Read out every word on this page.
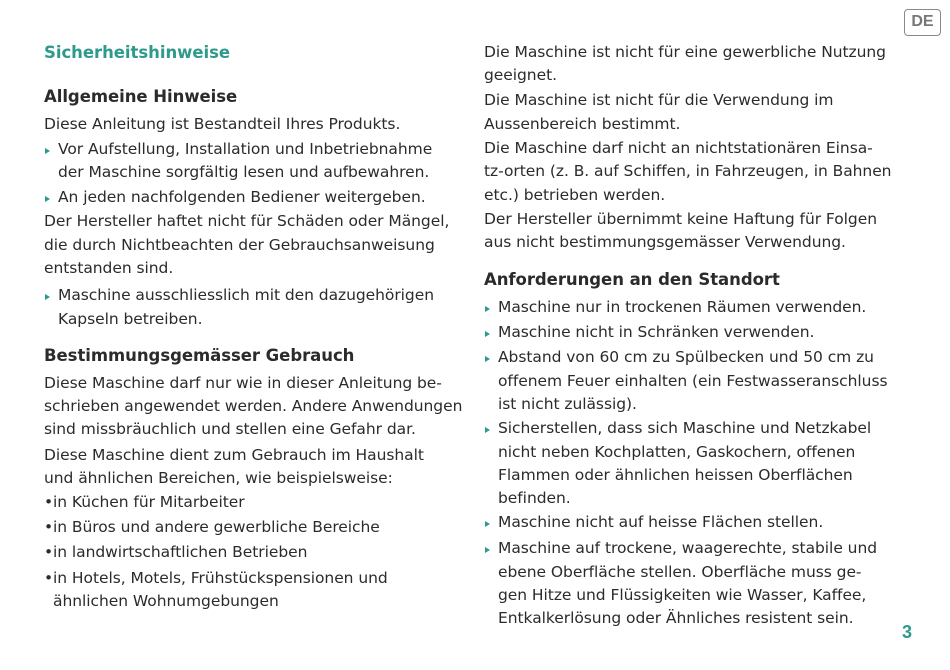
DE
3
Sicherheitshinweise
Allgemeine Hinweise
Diese Anleitung ist Bestandteil Ihres Produkts.
Vor Aufstellung, Installation und Inbetriebnahme
der Maschine sorgfältig lesen und aufbewahren.
An jeden nachfolgenden Bediener weitergeben.
Der Hersteller haftet nicht für Schäden oder Mängel,
die durch Nichtbeachten der Gebrauchsanweisung
entstanden sind.
Maschine ausschliesslich mit den dazugehörigen
Kapseln betreiben.
Bestimmungsgemässer Gebrauch
Diese Maschine darf nur wie in dieser Anleitung be-
schrieben angewendet werden. Andere Anwendungen
sind missbräuchlich und stellen eine Gefahr dar.
Diese Maschine dient zum Gebrauch im Haushalt
und ähnlichen Bereichen, wie beispielsweise:
• in Küchen für Mitarbeiter
• in Büros und andere gewerbliche Bereiche
• in landwirtschaftlichen Betrieben
• in Hotels, Motels, Frühstückspensionen und
ähnlichen Wohnumgebungen
Die Maschine ist nicht für eine gewerbliche Nutzung
geeignet.
Die Maschine ist nicht für die Verwendung im
Aussenbereich bestimmt.
Die Maschine darf nicht an nichtstationären Einsa-
tz-orten (z. B. auf Schiffen, in Fahrzeugen, in Bahnen
etc.) betrieben werden.
Der Hersteller übernimmt keine Haftung für Folgen
aus nicht bestimmungsgemässer Verwendung.
Anforderungen an den Standort
Maschine nur in trockenen Räumen verwenden.
Maschine nicht in Schränken verwenden.
Abstand von 60 cm zu Spülbecken und 50 cm zu
offenem Feuer einhalten (ein Festwasseranschluss
ist nicht zulässig).
Sicherstellen, dass sich Maschine und Netzkabel
nicht neben Kochplatten, Gaskochern, offenen
Flammen oder ähnlichen heissen Oberflächen
befinden.
Maschine nicht auf heisse Flächen stellen.
Maschine auf trockene, waagerechte, stabile und
ebene Oberfläche stellen. Oberfläche muss ge-
gen Hitze und Flüssigkeiten wie Wasser, Kaffee,
Entkalkerlösung oder Ähnliches resistent sein.
